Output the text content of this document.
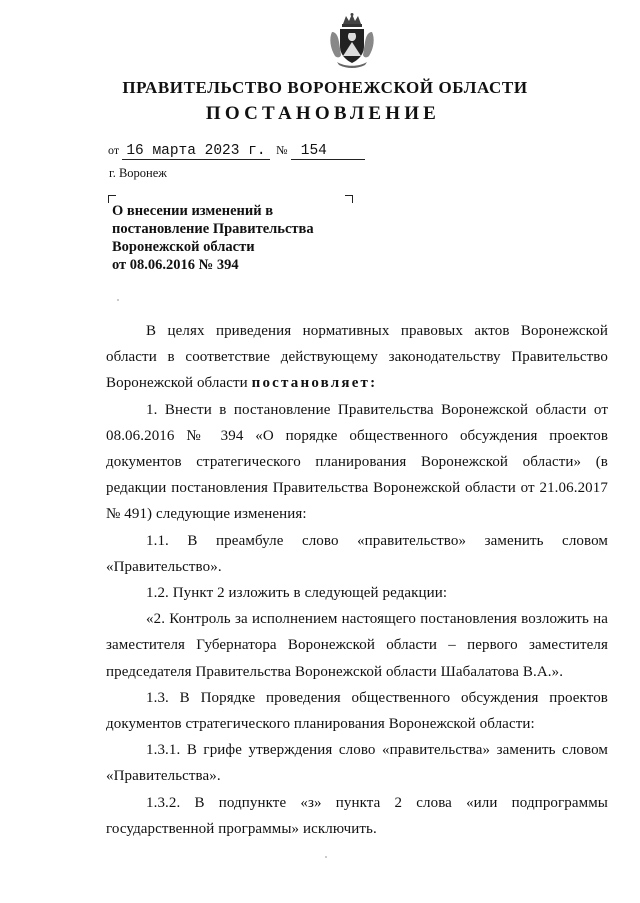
ПРАВИТЕЛЬСТВО ВОРОНЕЖСКОЙ ОБЛАСТИ
ПОСТАНОВЛЕНИЕ
от 16 марта 2023 г. № 154
г. Воронеж
О внесении изменений в
постановление Правительства
Воронежской области
от 08.06.2016 № 394

В целях приведения нормативных правовых актов Воронежской области в соответствие действующему законодательству Правительство Воронежской области постановляет:

1. Внести в постановление Правительства Воронежской области от 08.06.2016 № 394 «О порядке общественного обсуждения проектов документов стратегического планирования Воронежской области» (в редакции постановления Правительства Воронежской области от 21.06.2017 № 491) следующие изменения:

1.1. В преамбуле слово «правительство» заменить словом «Правительство».

1.2. Пункт 2 изложить в следующей редакции:

«2. Контроль за исполнением настоящего постановления возложить на заместителя Губернатора Воронежской области – первого заместителя председателя Правительства Воронежской области Шабалатова В.А.».

1.3. В Порядке проведения общественного обсуждения проектов документов стратегического планирования Воронежской области:

1.3.1. В грифе утверждения слово «правительства» заменить словом «Правительства».

1.3.2. В подпункте «з» пункта 2 слова «или подпрограммы государственной программы» исключить.
